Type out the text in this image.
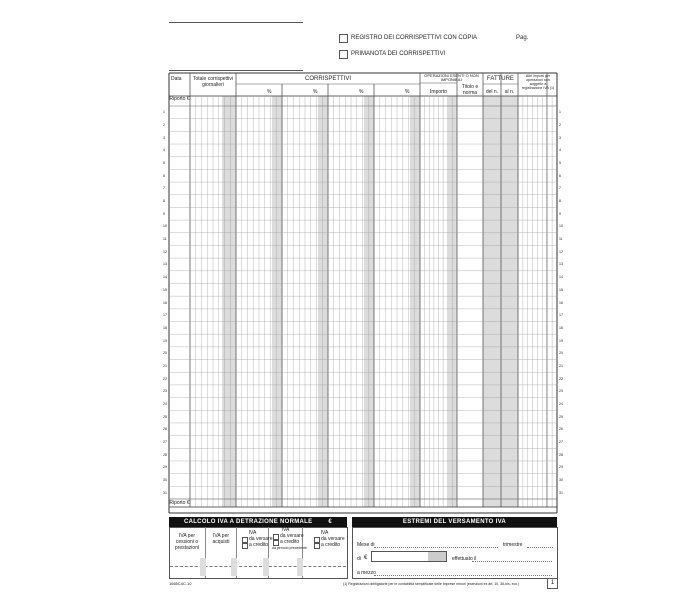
REGISTRO DEI CORRISPETTIVI CON COPIA
PRIMANOTA DEI CORRISPETTIVI
Pag.
Data	Totale corrispettivi giornalieri
CORRISPETTIVI
%	%	%	%
OPERAZIONI ESENTI O NON IMPONIBILI
Importo
Titolo e norma
FATTURE
del n.	al n.
Altri importi per operazioni non soggette a registrazione IVA (1)
Riporto €
Riporto €
1	1
2	2
3	3
4	4
5	5
6	6
7	7
8	8
9	9
10	10
11	11
12	12
13	13
14	14
15	15
16	16
17	17
18	18
19	19
20	20
21	21
22	22
23	23
24	24
25	25
26	26
27	27
28	28
29	29
30	30
31	31
CALCOLO IVA A DETRAZIONE NORMALE	€
IVA per cessioni o prestazioni
IVA per acquisti
IVA
da versare
a credito
IVA
da versare
a credito
da periodo precedente
IVA
da versare
a credito
ESTREMI DEL VERSAMENTO IVA
Mese di	trimestre
di €	effettuato il
a mezzo
1665C4C.10	(1) Registrazioni obbligatorie per le contabilità semplificate delle imprese minori (esenzioni ex art. 10, 36-bis, ecc.)	1
